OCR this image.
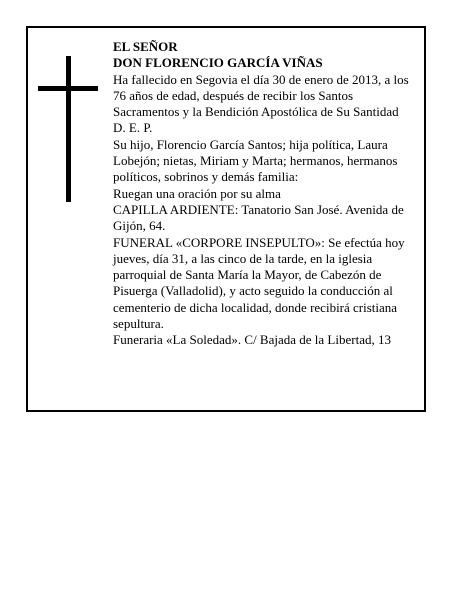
EL SEÑOR

DON FLORENCIO GARCÍA VIÑAS

Ha fallecido en Segovia el día 30 de enero de 2013, a los 76 años de edad, después de recibir los Santos Sacramentos y la Bendición Apostólica de Su Santidad D. E. P.

Su hijo, Florencio García Santos; hija política, Laura Lobejón; nietas, Miriam y Marta; hermanos, hermanos políticos, sobrinos y demás familia:

Ruegan una oración por su alma

CAPILLA ARDIENTE: Tanatorio San José. Avenida de Gijón, 64.

FUNERAL «CORPORE INSEPULTO»: Se efectúa hoy jueves, día 31, a las cinco de la tarde, en la iglesia parroquial de Santa María la Mayor, de Cabezón de Pisuerga (Valladolid), y acto seguido la conducción al cementerio de dicha localidad, donde recibirá cristiana sepultura.

Funeraria «La Soledad». C/ Bajada de la Libertad, 13
